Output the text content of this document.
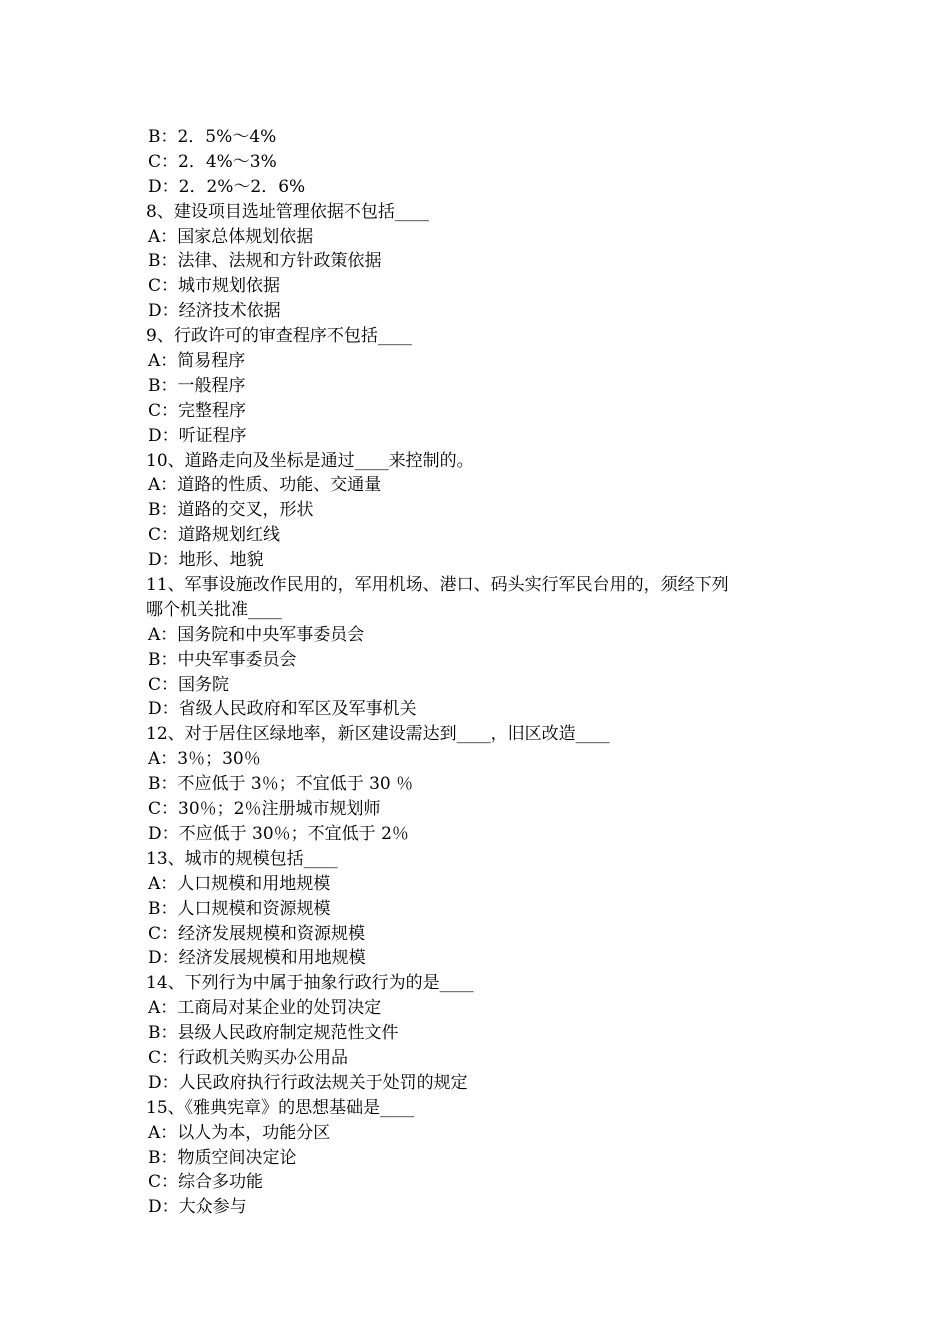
B：2．5%～4%
C：2．4%～3%
D：2．2%～2．6%
8、建设项目选址管理依据不包括____
A：国家总体规划依据
B：法律、法规和方针政策依据
C：城市规划依据
D：经济技术依据
9、行政许可的审查程序不包括____
A：简易程序
B：一般程序
C：完整程序
D：听证程序
10、道路走向及坐标是通过____来控制的。
A：道路的性质、功能、交通量
B：道路的交叉，形状
C：道路规划红线
D：地形、地貌
11、军事设施改作民用的，军用机场、港口、码头实行军民台用的，须经下列
哪个机关批准____
A：国务院和中央军事委员会
B：中央军事委员会
C：国务院
D：省级人民政府和军区及军事机关
12、对于居住区绿地率，新区建设需达到____，旧区改造____
A：3％；30％
B：不应低于 3％；不宜低于 30 ％
C：30％；2％注册城市规划师
D：不应低于 30％；不宜低于 2％
13、城市的规模包括____
A：人口规模和用地规模
B：人口规模和资源规模
C：经济发展规模和资源规模
D：经济发展规模和用地规模
14、下列行为中属于抽象行政行为的是____
A：工商局对某企业的处罚决定
B：县级人民政府制定规范性文件
C：行政机关购买办公用品
D：人民政府执行行政法规关于处罚的规定
15、《雅典宪章》的思想基础是____
A：以人为本，功能分区
B：物质空间决定论
C：综合多功能
D：大众参与
